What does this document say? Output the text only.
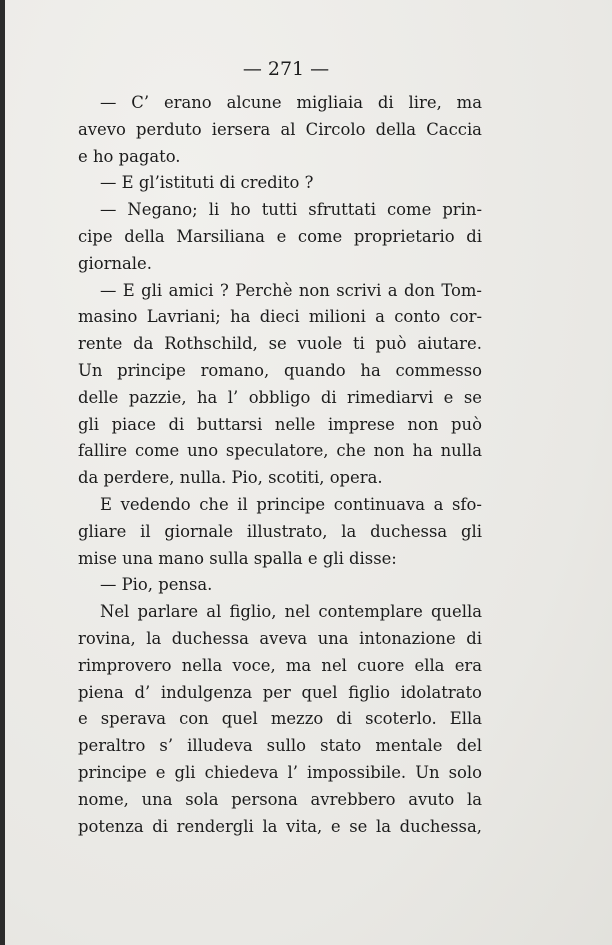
— 271 —
— C’ erano alcune migliaia di lire, ma
avevo perduto iersera al Circolo della Caccia
e ho pagato.
— E gl’istituti di credito ?
— Negano; li ho tutti sfruttati come prin-
cipe della Marsiliana e come proprietario di
giornale.
— E gli amici ? Perchè non scrivi a don Tom-
masino Lavriani; ha dieci milioni a conto cor-
rente da Rothschild, se vuole ti può aiutare.
Un principe romano, quando ha commesso
delle pazzie, ha l’ obbligo di rimediarvi e se
gli piace di buttarsi nelle imprese non può
fallire come uno speculatore, che non ha nulla
da perdere, nulla. Pio, scotiti, opera.
E vedendo che il principe continuava a sfo-
gliare il giornale illustrato, la duchessa gli
mise una mano sulla spalla e gli disse:
— Pio, pensa.
Nel parlare al figlio, nel contemplare quella
rovina, la duchessa aveva una intonazione di
rimprovero nella voce, ma nel cuore ella era
piena d’ indulgenza per quel figlio idolatrato
e sperava con quel mezzo di scoterlo. Ella
peraltro s’ illudeva sullo stato mentale del
principe e gli chiedeva l’ impossibile. Un solo
nome, una sola persona avrebbero avuto la
potenza di rendergli la vita, e se la duchessa,
